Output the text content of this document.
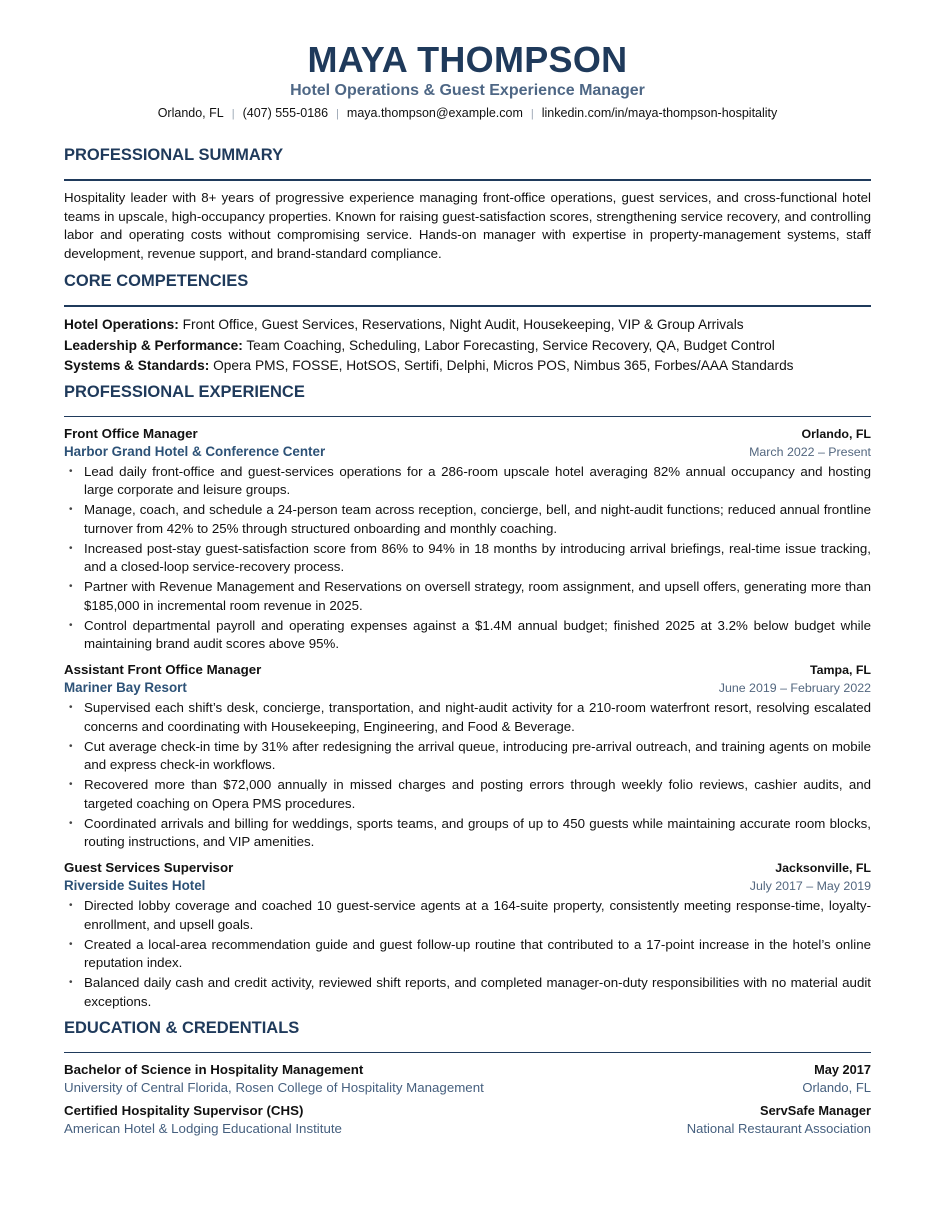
MAYA THOMPSON
Hotel Operations & Guest Experience Manager
Orlando, FL | (407) 555-0186 | maya.thompson@example.com | linkedin.com/in/maya-thompson-hospitality
PROFESSIONAL SUMMARY

Hospitality leader with 8+ years of progressive experience managing front-office operations, guest services, and cross-functional hotel teams in upscale, high-occupancy properties. Known for raising guest-satisfaction scores, strengthening service recovery, and controlling labor and operating costs without compromising service. Hands-on manager with expertise in property-management systems, staff development, revenue support, and brand-standard compliance.

CORE COMPETENCIES
Hotel Operations: Front Office, Guest Services, Reservations, Night Audit, Housekeeping, VIP & Group Arrivals
Leadership & Performance: Team Coaching, Scheduling, Labor Forecasting, Service Recovery, QA, Budget Control
Systems & Standards: Opera PMS, FOSSE, HotSOS, Sertifi, Delphi, Micros POS, Nimbus 365, Forbes/AAA Standards
PROFESSIONAL EXPERIENCE
Front Office Manager	Orlando, FL
Harbor Grand Hotel & Conference Center	March 2022 – Present
• Lead daily front-office and guest-services operations for a 286-room upscale hotel averaging 82% annual occupancy and hosting large corporate and leisure groups.
• Manage, coach, and schedule a 24-person team across reception, concierge, bell, and night-audit functions; reduced annual frontline turnover from 42% to 25% through structured onboarding and monthly coaching.
• Increased post-stay guest-satisfaction score from 86% to 94% in 18 months by introducing arrival briefings, real-time issue tracking, and a closed-loop service-recovery process.
• Partner with Revenue Management and Reservations on oversell strategy, room assignment, and upsell offers, generating more than $185,000 in incremental room revenue in 2025.
• Control departmental payroll and operating expenses against a $1.4M annual budget; finished 2025 at 3.2% below budget while maintaining brand audit scores above 95%.
Assistant Front Office Manager	Tampa, FL
Mariner Bay Resort	June 2019 – February 2022
• Supervised each shift’s desk, concierge, transportation, and night-audit activity for a 210-room waterfront resort, resolving escalated concerns and coordinating with Housekeeping, Engineering, and Food & Beverage.
• Cut average check-in time by 31% after redesigning the arrival queue, introducing pre-arrival outreach, and training agents on mobile and express check-in workflows.
• Recovered more than $72,000 annually in missed charges and posting errors through weekly folio reviews, cashier audits, and targeted coaching on Opera PMS procedures.
• Coordinated arrivals and billing for weddings, sports teams, and groups of up to 450 guests while maintaining accurate room blocks, routing instructions, and VIP amenities.
Guest Services Supervisor	Jacksonville, FL
Riverside Suites Hotel	July 2017 – May 2019
• Directed lobby coverage and coached 10 guest-service agents at a 164-suite property, consistently meeting response-time, loyalty-enrollment, and upsell goals.
• Created a local-area recommendation guide and guest follow-up routine that contributed to a 17-point increase in the hotel’s online reputation index.
• Balanced daily cash and credit activity, reviewed shift reports, and completed manager-on-duty responsibilities with no material audit exceptions.
EDUCATION & CREDENTIALS
Bachelor of Science in Hospitality Management	May 2017
University of Central Florida, Rosen College of Hospitality Management	Orlando, FL
Certified Hospitality Supervisor (CHS)	ServSafe Manager
American Hotel & Lodging Educational Institute	National Restaurant Association
